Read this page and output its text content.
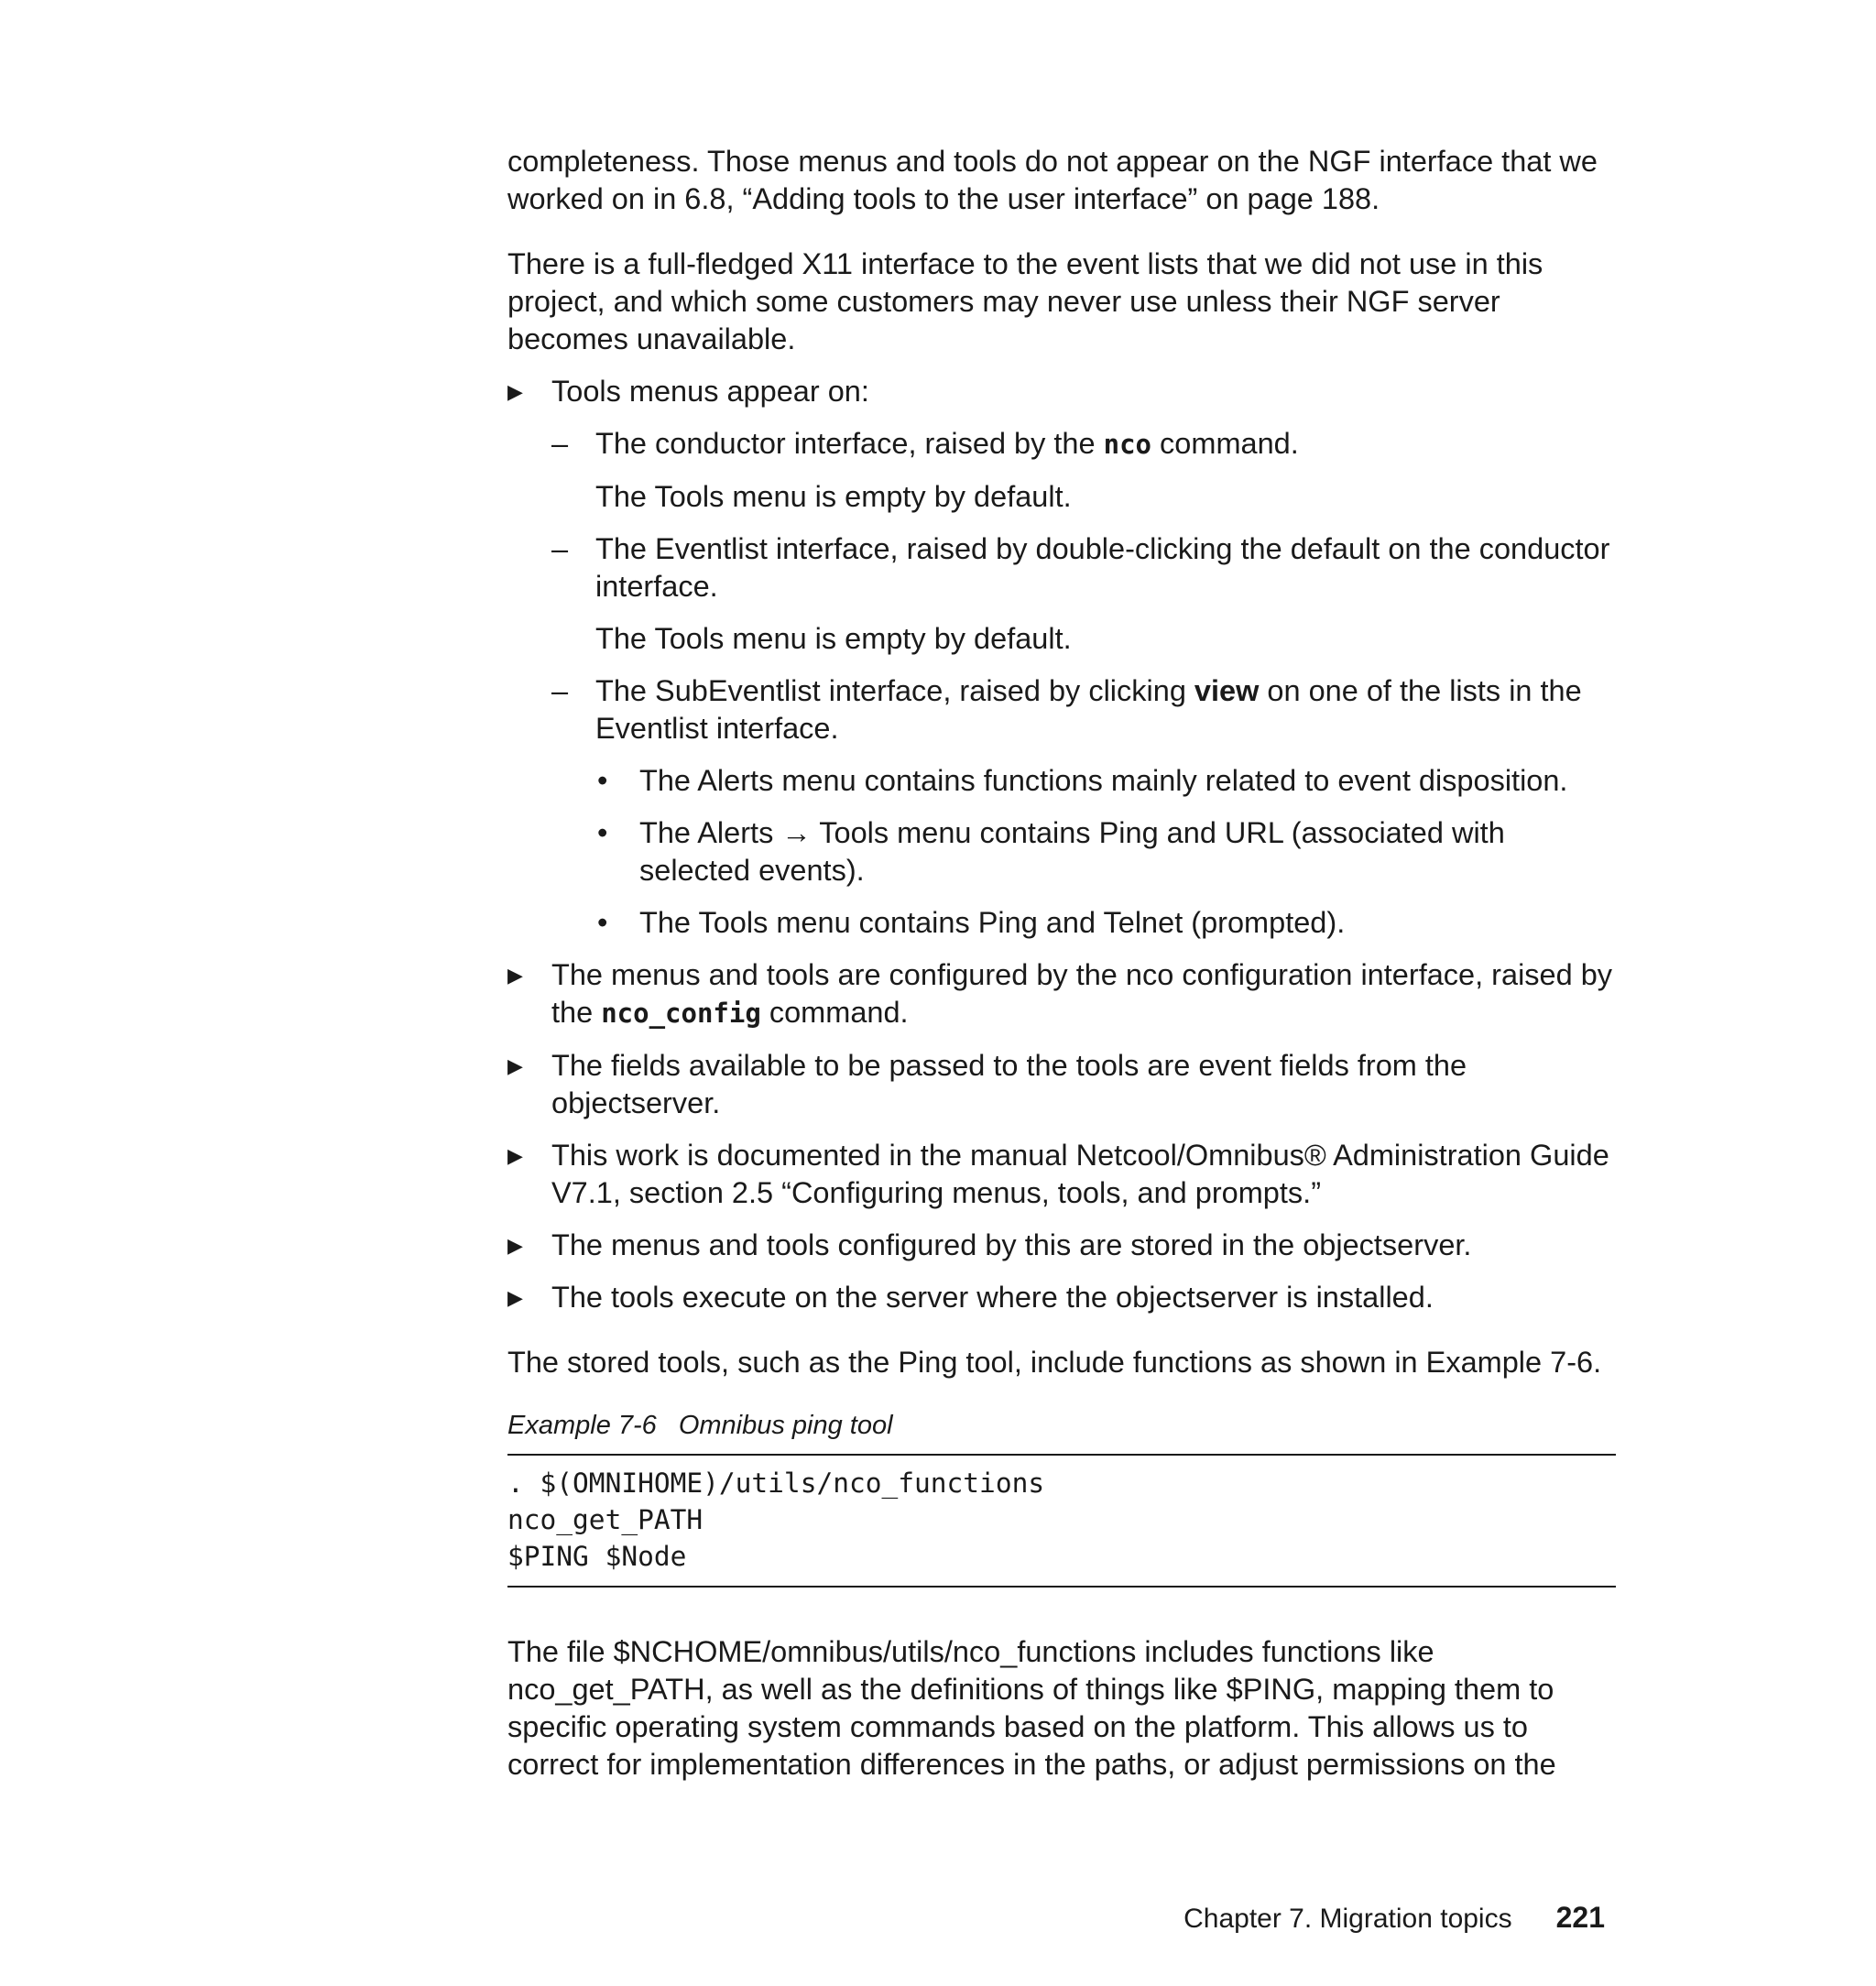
completeness. Those menus and tools do not appear on the NGF interface that we worked on in 6.8, “Adding tools to the user interface” on page 188.

There is a full-fledged X11 interface to the event lists that we did not use in this project, and which some customers may never use unless their NGF server becomes unavailable.

▶ Tools menus appear on:
– The conductor interface, raised by the nco command.

The Tools menu is empty by default.

– The Eventlist interface, raised by double-clicking the default on the conductor interface.

The Tools menu is empty by default.

– The SubEventlist interface, raised by clicking view on one of the lists in the Eventlist interface.
• The Alerts menu contains functions mainly related to event disposition.
• The Alerts → Tools menu contains Ping and URL (associated with selected events).
• The Tools menu contains Ping and Telnet (prompted).
▶ The menus and tools are configured by the nco configuration interface, raised by the nco_config command.
▶ The fields available to be passed to the tools are event fields from the objectserver.
▶ This work is documented in the manual Netcool/Omnibus® Administration Guide V7.1, section 2.5 “Configuring menus, tools, and prompts.”
▶ The menus and tools configured by this are stored in the objectserver.
▶ The tools execute on the server where the objectserver is installed.

The stored tools, such as the Ping tool, include functions as shown in Example 7-6.

Example 7-6 Omnibus ping tool
. $(OMNIHOME)/utils/nco_functions
nco_get_PATH
$PING $Node

The file $NCHOME/omnibus/utils/nco_functions includes functions like nco_get_PATH, as well as the definitions of things like $PING, mapping them to specific operating system commands based on the platform. This allows us to correct for implementation differences in the paths, or adjust permissions on the

Chapter 7. Migration topics 221
